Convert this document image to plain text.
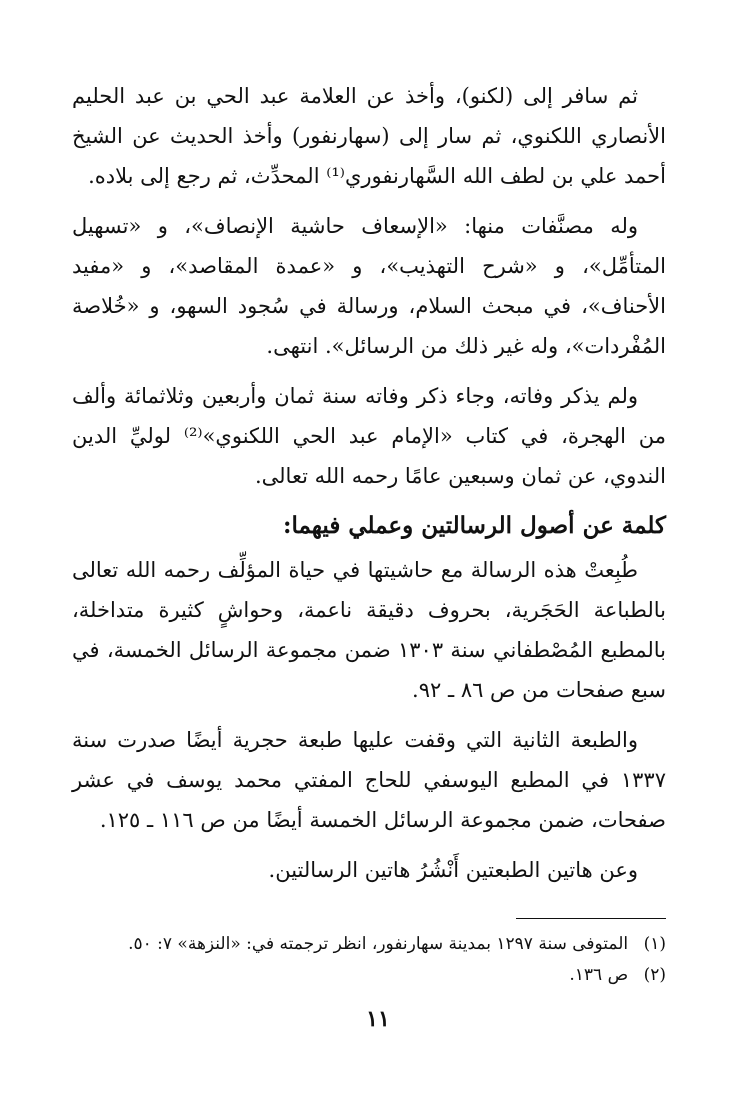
ثم سافر إلى (لكنو)، وأخذ عن العلامة عبد الحي بن عبد الحليم الأنصاري اللكنوي، ثم سار إلى (سهارنفور) وأخذ الحديث عن الشيخ أحمد علي بن لطف الله السَّهارنفوري⁽¹⁾ المحدِّث، ثم رجع إلى بلاده.

وله مصنَّفات منها: «الإسعاف حاشية الإنصاف»، و «تسهيل المتأمِّل»، و «شرح التهذيب»، و «عمدة المقاصد»، و «مفيد الأحناف»، في مبحث السلام، ورسالة في سُجود السهو، و «خُلاصة المُفْردات»، وله غير ذلك من الرسائل». انتهى.

ولم يذكر وفاته، وجاء ذكر وفاته سنة ثمان وأربعين وثلاثمائة وألف من الهجرة، في كتاب «الإمام عبد الحي اللكنوي»⁽²⁾ لوليِّ الدين الندوي، عن ثمان وسبعين عامًا رحمه الله تعالى.

كلمة عن أصول الرسالتين وعملي فيهما:

طُبِعتْ هذه الرسالة مع حاشيتها في حياة المؤلِّف رحمه الله تعالى بالطباعة الحَجَرية، بحروف دقيقة ناعمة، وحواشٍ كثيرة متداخلة، بالمطبع المُصْطفاني سنة ١٣٠٣ ضمن مجموعة الرسائل الخمسة، في سبع صفحات من ص ٨٦ ـ ٩٢.

والطبعة الثانية التي وقفت عليها طبعة حجرية أيضًا صدرت سنة ١٣٣٧ في المطبع اليوسفي للحاج المفتي محمد يوسف في عشر صفحات، ضمن مجموعة الرسائل الخمسة أيضًا من ص ١١٦ ـ ١٢٥.

وعن هاتين الطبعتين أَنْشُرُ هاتين الرسالتين.

(١) المتوفى سنة ١٢٩٧ بمدينة سهارنفور، انظر ترجمته في: «النزهة» ٧: ٥٠.

(٢) ص ١٣٦.

١١
